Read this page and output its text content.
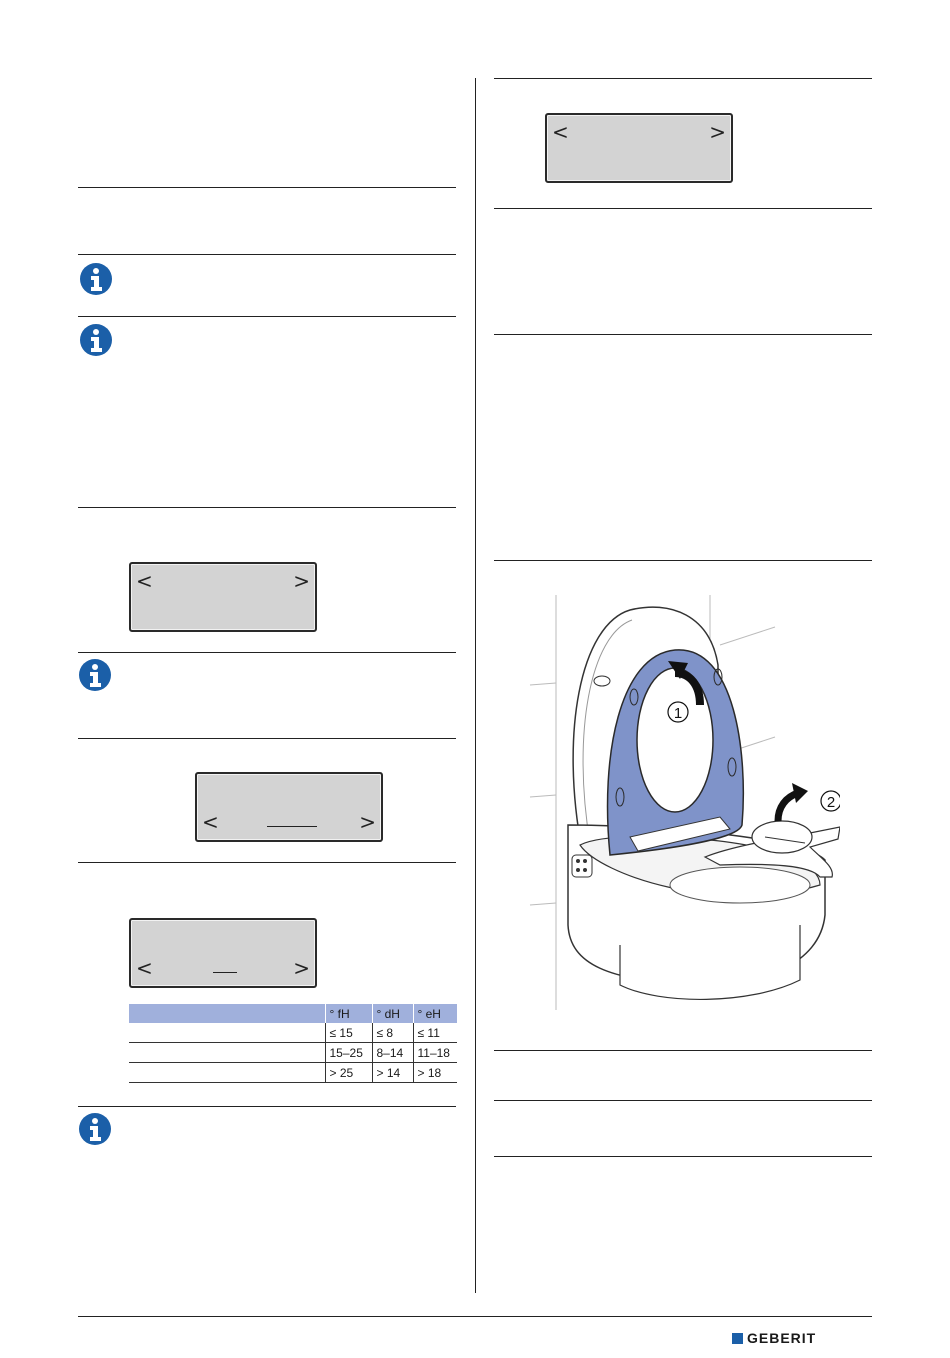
<	>
<	>
<	>
<	>
	° fH	° dH	° eH
	≤ 15	≤ 8	≤ 11
	15–25	8–14	11–18
	> 25	> 14	> 18
1
2
GEBERIT
